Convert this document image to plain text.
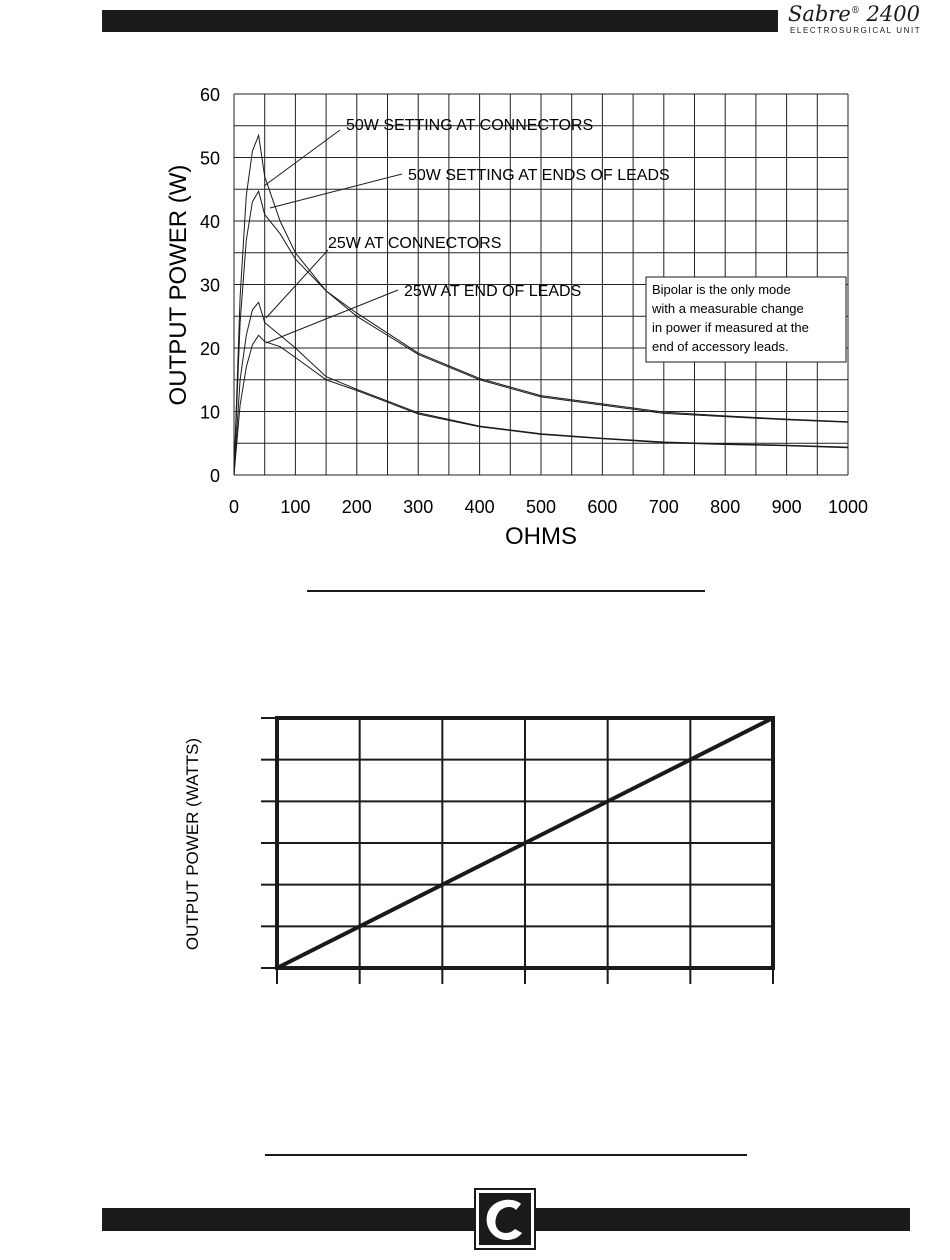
Sabre® 2400
ELECTROSURGICAL UNIT
0 100 200 300 400 500 600 700 800 900 1000
0
10
20
30
40
50
60
50W SETTING AT CONNECTORS
50W SETTING AT ENDS OF LEADS
25W AT CONNECTORS
25W AT END OF LEADS	Bipolar is the only mode
with a measurable change
in power if measured at the
end of accessory leads.
OHMS
OUTPUT POWER (W)
OUTPUT POWER (WATTS)
